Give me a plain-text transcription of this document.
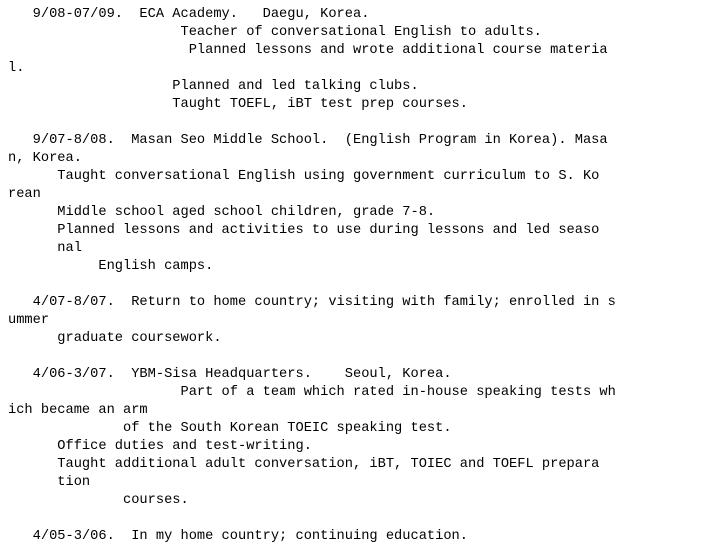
9/08-07/09.  ECA Academy.   Daegu, Korea.
Teacher of conversational English to adults.
Planned lessons and wrote additional course materia
l.
Planned and led talking clubs.
Taught TOEFL, iBT test prep courses.
9/07-8/08.  Masan Seo Middle School.  (English Program in Korea). Masa
n, Korea.
Taught conversational English using government curriculum to S. Ko
rean
Middle school aged school children, grade 7-8.
Planned lessons and activities to use during lessons and led seaso
nal
English camps.
4/07-8/07.  Return to home country; visiting with family; enrolled in s
ummer
graduate coursework.
4/06-3/07.  YBM-Sisa Headquarters.    Seoul, Korea.
Part of a team which rated in-house speaking tests wh
ich became an arm
of the South Korean TOEIC speaking test.
Office duties and test-writing.
Taught additional adult conversation, iBT, TOIEC and TOEFL prepara
tion
courses.
4/05-3/06.  In my home country; continuing education.
